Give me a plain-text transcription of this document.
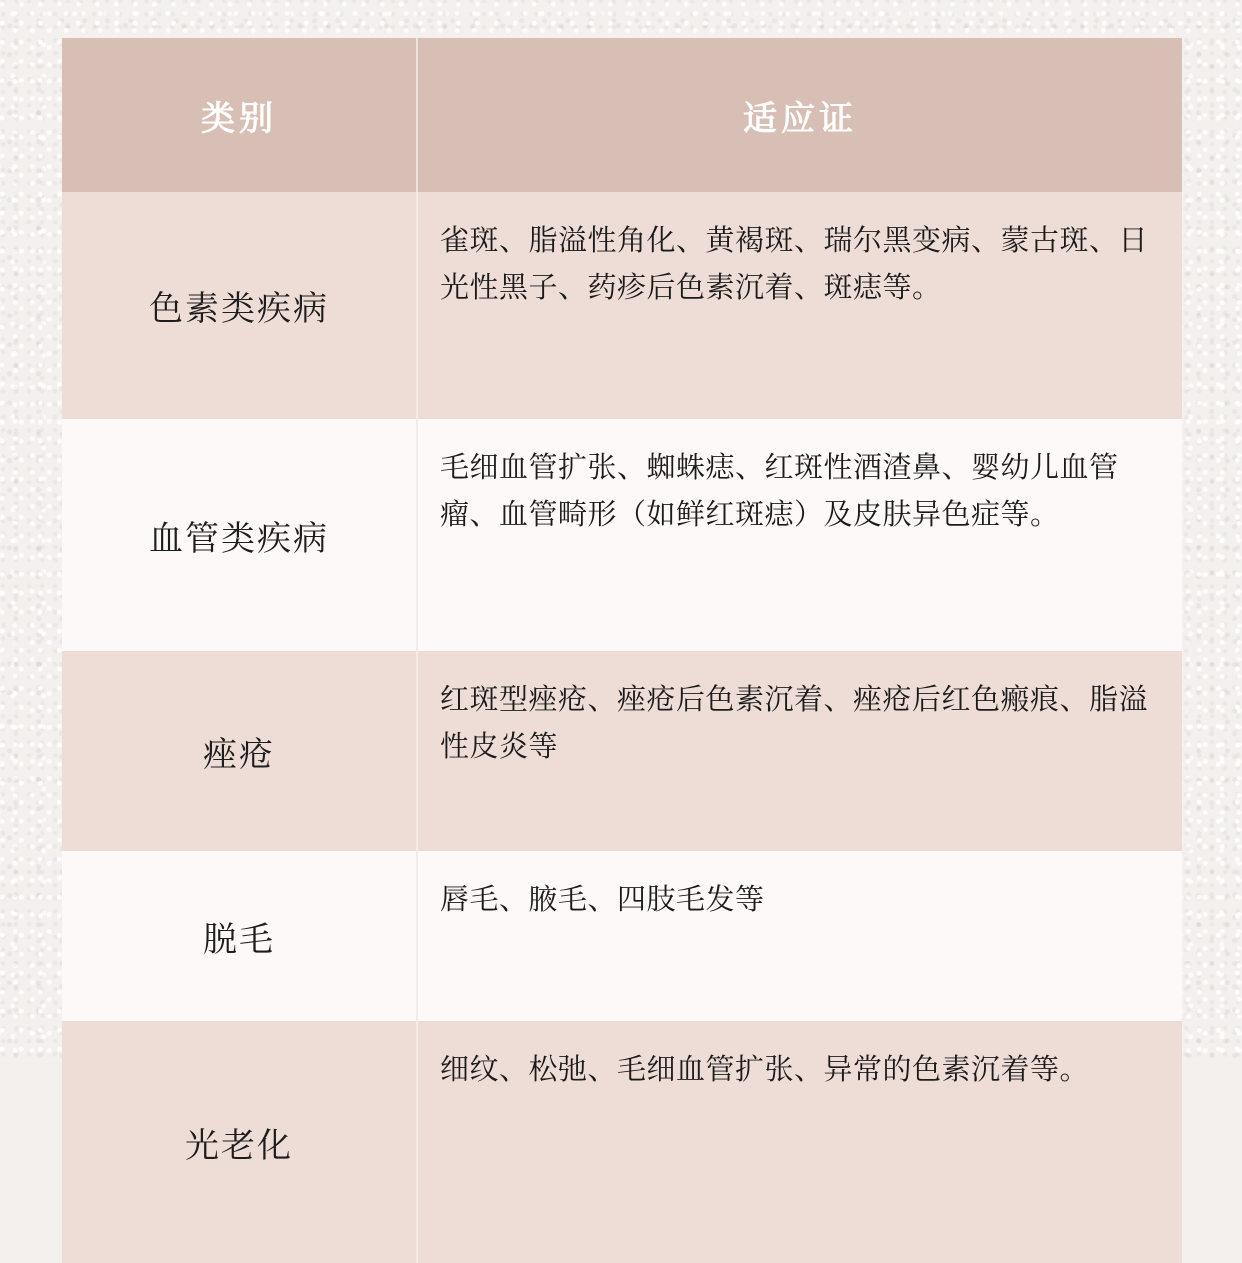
类别	适应证

色素类疾病	雀斑、脂溢性角化、黄褐斑、瑞尔黑变病、蒙古斑、日光性黑子、药疹后色素沉着、斑痣等。

血管类疾病	毛细血管扩张、蜘蛛痣、红斑性酒渣鼻、婴幼儿血管瘤、血管畸形（如鲜红斑痣）及皮肤异色症等。

痤疮	红斑型痤疮、痤疮后色素沉着、痤疮后红色瘢痕、脂溢性皮炎等

脱毛	唇毛、腋毛、四肢毛发等

光老化	细纹、松弛、毛细血管扩张、异常的色素沉着等。
